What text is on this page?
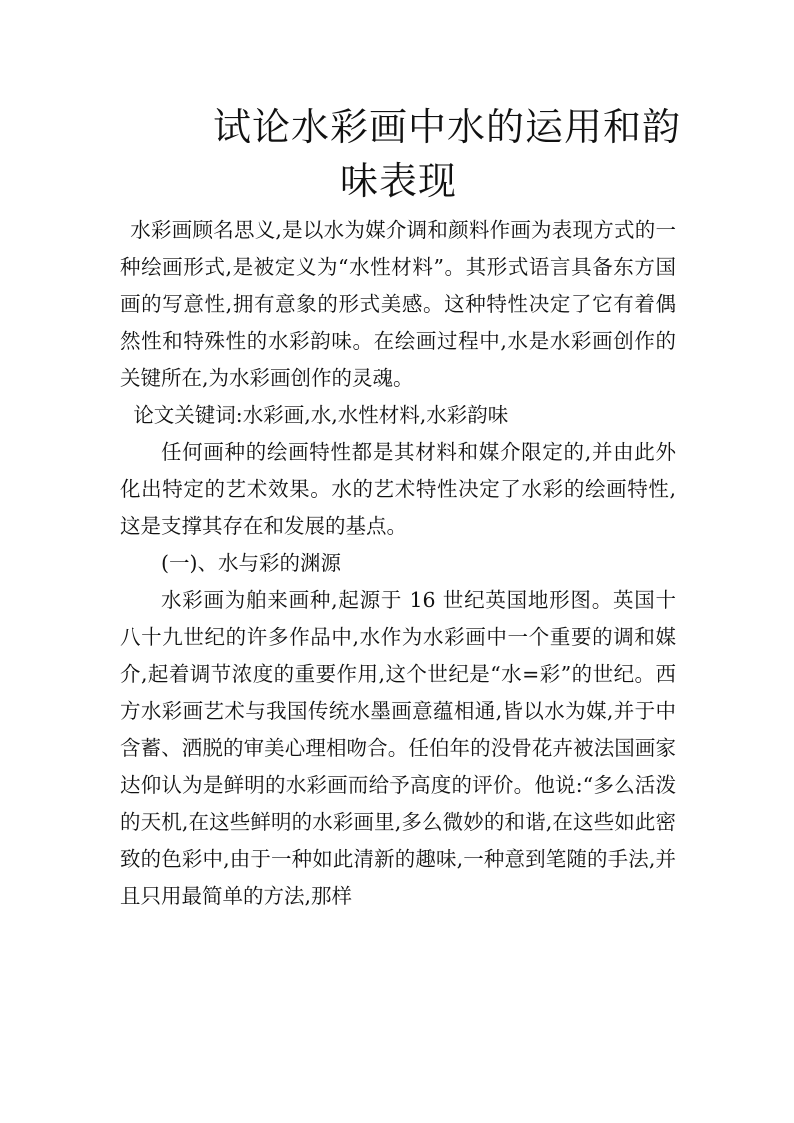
试论水彩画中水的运用和韵
味表现

水彩画顾名思义,是以水为媒介调和颜料作画为表现方式的一种绘画形式,是被定义为“水性材料”。其形式语言具备东方国画的写意性,拥有意象的形式美感。这种特性决定了它有着偶然性和特殊性的水彩韵味。在绘画过程中,水是水彩画创作的关键所在,为水彩画创作的灵魂。

论文关键词:水彩画,水,水性材料,水彩韵味

任何画种的绘画特性都是其材料和媒介限定的,并由此外化出特定的艺术效果。水的艺术特性决定了水彩的绘画特性,这是支撑其存在和发展的基点。

(一)、水与彩的渊源

水彩画为舶来画种,起源于 16 世纪英国地形图。英国十八十九世纪的许多作品中,水作为水彩画中一个重要的调和媒介,起着调节浓度的重要作用,这个世纪是“水=彩”的世纪。西方水彩画艺术与我国传统水墨画意蕴相通,皆以水为媒,并于中含蓄、洒脱的审美心理相吻合。任伯年的没骨花卉被法国画家达仰认为是鲜明的水彩画而给予高度的评价。他说:“多么活泼的天机,在这些鲜明的水彩画里,多么微妙的和谐,在这些如此密致的色彩中,由于一种如此清新的趣味,一种意到笔随的手法,并且只用最简单的方法,那样
